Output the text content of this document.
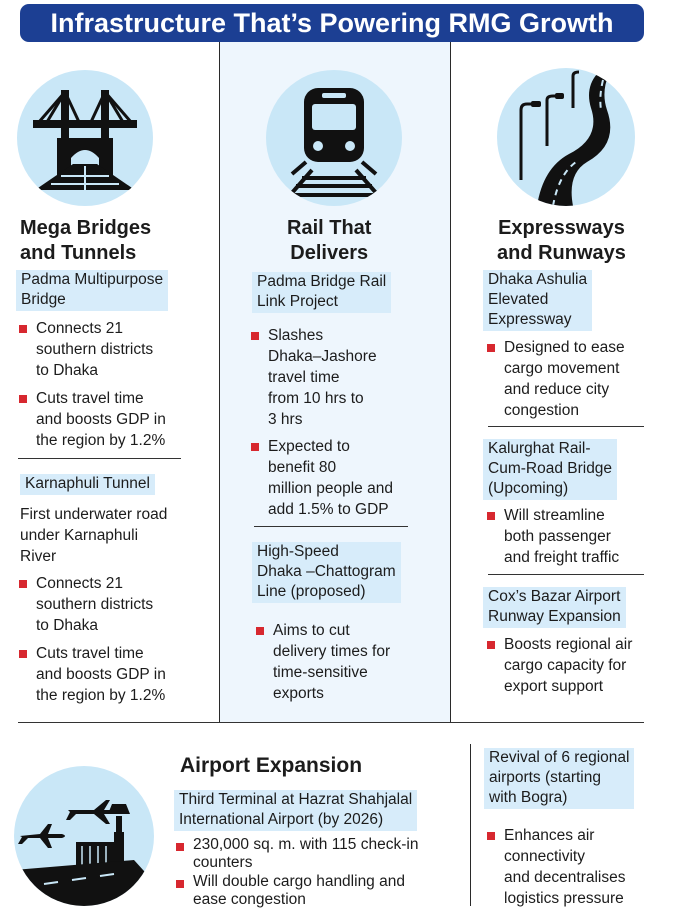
Infrastructure That’s Powering RMG Growth
Mega Bridges
and Tunnels
Padma Multipurpose
Bridge
Connects 21
southern districts
to Dhaka
Cuts travel time
and boosts GDP in
the region by 1.2%
Karnaphuli Tunnel
First underwater road
under Karnaphuli
River
Connects 21
southern districts
to Dhaka
Cuts travel time
and boosts GDP in
the region by 1.2%
Rail That
Delivers
Padma Bridge Rail
Link Project
Slashes
Dhaka–Jashore
travel time
from 10 hrs to
3 hrs
Expected to
benefit 80
million people and
add 1.5% to GDP
High-Speed
Dhaka –Chattogram
Line (proposed)
Aims to cut
delivery times for
time-sensitive
exports
Expressways
and Runways
Dhaka Ashulia
Elevated
Expressway
Designed to ease
cargo movement
and reduce city
congestion
Kalurghat Rail-
Cum-Road Bridge
(Upcoming)
Will streamline
both passenger
and freight traffic
Cox’s Bazar Airport
Runway Expansion
Boosts regional air
cargo capacity for
export support
Airport Expansion
Third Terminal at Hazrat Shahjalal
International Airport (by 2026)
230,000 sq. m. with 115 check-in
counters
Will double cargo handling and
ease congestion
Revival of 6 regional
airports (starting
with Bogra)
Enhances air
connectivity
and decentralises
logistics pressure
